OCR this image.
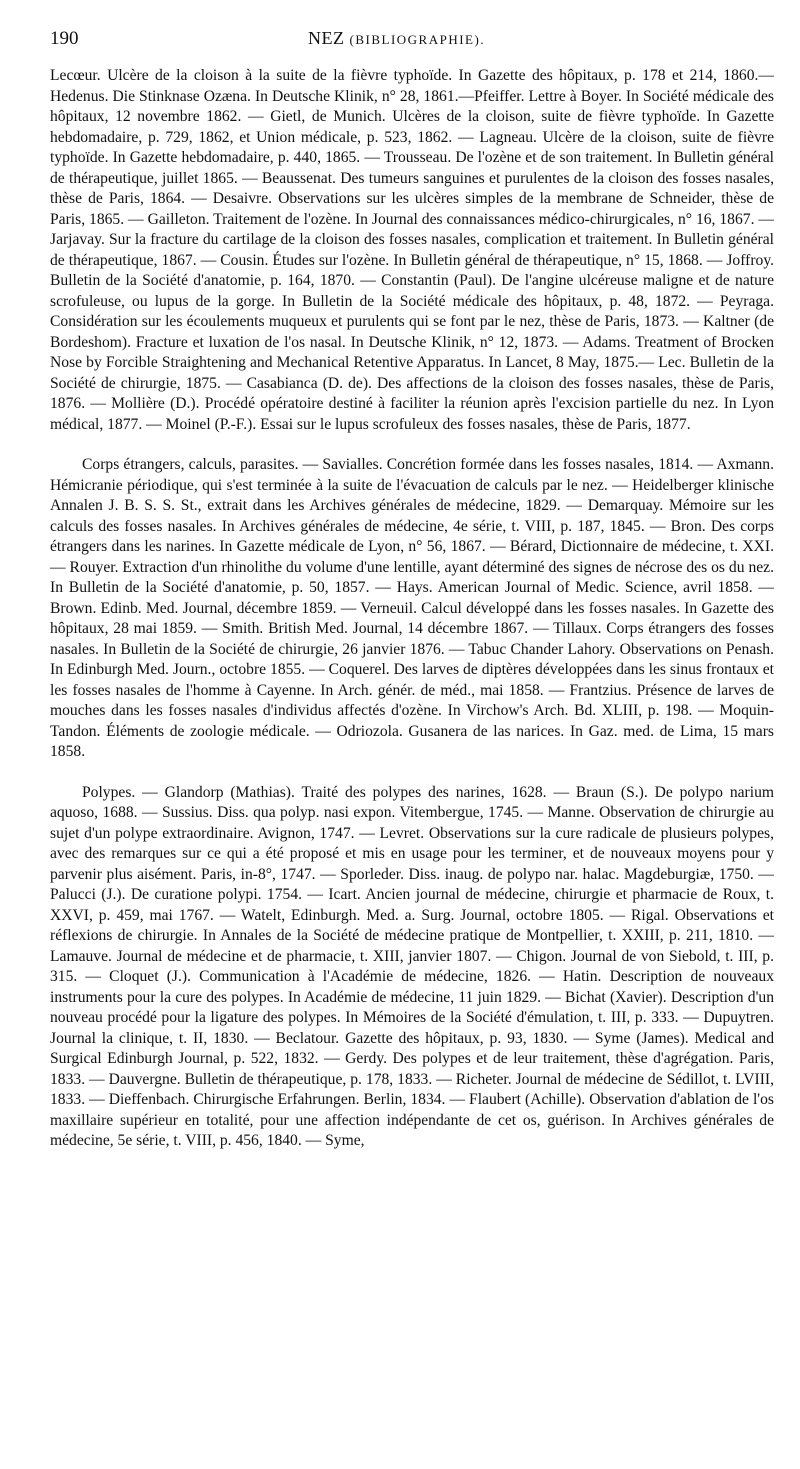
190	NEZ (BIBLIOGRAPHIE).

Lecœur. Ulcère de la cloison à la suite de la fièvre typhoïde. In Gazette des hôpitaux, p. 178 et 214, 1860.—Hedenus. Die Stinknase Ozæna. In Deutsche Klinik, n° 28, 1861.—Pfeiffer. Lettre à Boyer. In Société médicale des hôpitaux, 12 novembre 1862. — Gietl, de Munich. Ulcères de la cloison, suite de fièvre typhoïde. In Gazette hebdomadaire, p. 729, 1862, et Union médicale, p. 523, 1862. — Lagneau. Ulcère de la cloison, suite de fièvre typhoïde. In Gazette hebdomadaire, p. 440, 1865. — Trousseau. De l'ozène et de son traitement. In Bulletin général de thérapeutique, juillet 1865. — Beaussenat. Des tumeurs sanguines et purulentes de la cloison des fosses nasales, thèse de Paris, 1864. — Desaivre. Observations sur les ulcères simples de la membrane de Schneider, thèse de Paris, 1865. — Gailleton. Traitement de l'ozène. In Journal des connaissances médico-chirurgicales, n° 16, 1867. — Jarjavay. Sur la fracture du cartilage de la cloison des fosses nasales, complication et traitement. In Bulletin général de thérapeutique, 1867. — Cousin. Études sur l'ozène. In Bulletin général de thérapeutique, n° 15, 1868. — Joffroy. Bulletin de la Société d'anatomie, p. 164, 1870. — Constantin (Paul). De l'angine ulcéreuse maligne et de nature scrofuleuse, ou lupus de la gorge. In Bulletin de la Société médicale des hôpitaux, p. 48, 1872. — Peyraga. Considération sur les écoulements muqueux et purulents qui se font par le nez, thèse de Paris, 1873. — Kaltner (de Bordeshom). Fracture et luxation de l'os nasal. In Deutsche Klinik, n° 12, 1873. — Adams. Treatment of Brocken Nose by Forcible Straightening and Mechanical Retentive Apparatus. In Lancet, 8 May, 1875.— Lec. Bulletin de la Société de chirurgie, 1875. — Casabianca (D. de). Des affections de la cloison des fosses nasales, thèse de Paris, 1876. — Mollière (D.). Procédé opératoire destiné à faciliter la réunion après l'excision partielle du nez. In Lyon médical, 1877. — Moinel (P.-F.). Essai sur le lupus scrofuleux des fosses nasales, thèse de Paris, 1877.

Corps étrangers, calculs, parasites. — Savialles. Concrétion formée dans les fosses nasales, 1814. — Axmann. Hémicranie périodique, qui s'est terminée à la suite de l'évacuation de calculs par le nez. — Heidelberger klinische Annalen J. B. S. S. St., extrait dans les Archives générales de médecine, 1829. — Demarquay. Mémoire sur les calculs des fosses nasales. In Archives générales de médecine, 4e série, t. VIII, p. 187, 1845. — Bron. Des corps étrangers dans les narines. In Gazette médicale de Lyon, n° 56, 1867. — Bérard, Dictionnaire de médecine, t. XXI. — Rouyer. Extraction d'un rhinolithe du volume d'une lentille, ayant déterminé des signes de nécrose des os du nez. In Bulletin de la Société d'anatomie, p. 50, 1857. — Hays. American Journal of Medic. Science, avril 1858. — Brown. Edinb. Med. Journal, décembre 1859. — Verneuil. Calcul développé dans les fosses nasales. In Gazette des hôpitaux, 28 mai 1859. — Smith. British Med. Journal, 14 décembre 1867. — Tillaux. Corps étrangers des fosses nasales. In Bulletin de la Société de chirurgie, 26 janvier 1876. — Tabuc Chander Lahory. Observations on Penash. In Edinburgh Med. Journ., octobre 1855. — Coquerel. Des larves de diptères développées dans les sinus frontaux et les fosses nasales de l'homme à Cayenne. In Arch. génér. de méd., mai 1858. — Frantzius. Présence de larves de mouches dans les fosses nasales d'individus affectés d'ozène. In Virchow's Arch. Bd. XLIII, p. 198. — Moquin-Tandon. Éléments de zoologie médicale. — Odriozola. Gusanera de las narices. In Gaz. med. de Lima, 15 mars 1858.

Polypes. — Glandorp (Mathias). Traité des polypes des narines, 1628. — Braun (S.). De polypo narium aquoso, 1688. — Sussius. Diss. qua polyp. nasi expon. Vitembergue, 1745. — Manne. Observation de chirurgie au sujet d'un polype extraordinaire. Avignon, 1747. — Levret. Observations sur la cure radicale de plusieurs polypes, avec des remarques sur ce qui a été proposé et mis en usage pour les terminer, et de nouveaux moyens pour y parvenir plus aisément. Paris, in-8°, 1747. — Sporleder. Diss. inaug. de polypo nar. halac. Magdeburgiæ, 1750. — Palucci (J.). De curatione polypi. 1754. — Icart. Ancien journal de médecine, chirurgie et pharmacie de Roux, t. XXVI, p. 459, mai 1767. — Watelt, Edinburgh. Med. a. Surg. Journal, octobre 1805. — Rigal. Observations et réflexions de chirurgie. In Annales de la Société de médecine pratique de Montpellier, t. XXIII, p. 211, 1810. — Lamauve. Journal de médecine et de pharmacie, t. XIII, janvier 1807. — Chigon. Journal de von Siebold, t. III, p. 315. — Cloquet (J.). Communication à l'Académie de médecine, 1826. — Hatin. Description de nouveaux instruments pour la cure des polypes. In Académie de médecine, 11 juin 1829. — Bichat (Xavier). Description d'un nouveau procédé pour la ligature des polypes. In Mémoires de la Société d'émulation, t. III, p. 333. — Dupuytren. Journal la clinique, t. II, 1830. — Beclatour. Gazette des hôpitaux, p. 93, 1830. — Syme (James). Medical and Surgical Edinburgh Journal, p. 522, 1832. — Gerdy. Des polypes et de leur traitement, thèse d'agrégation. Paris, 1833. — Dauvergne. Bulletin de thérapeutique, p. 178, 1833. — Richeter. Journal de médecine de Sédillot, t. LVIII, 1833. — Dieffenbach. Chirurgische Erfahrungen. Berlin, 1834. — Flaubert (Achille). Observation d'ablation de l'os maxillaire supérieur en totalité, pour une affection indépendante de cet os, guérison. In Archives générales de médecine, 5e série, t. VIII, p. 456, 1840. — Syme,
